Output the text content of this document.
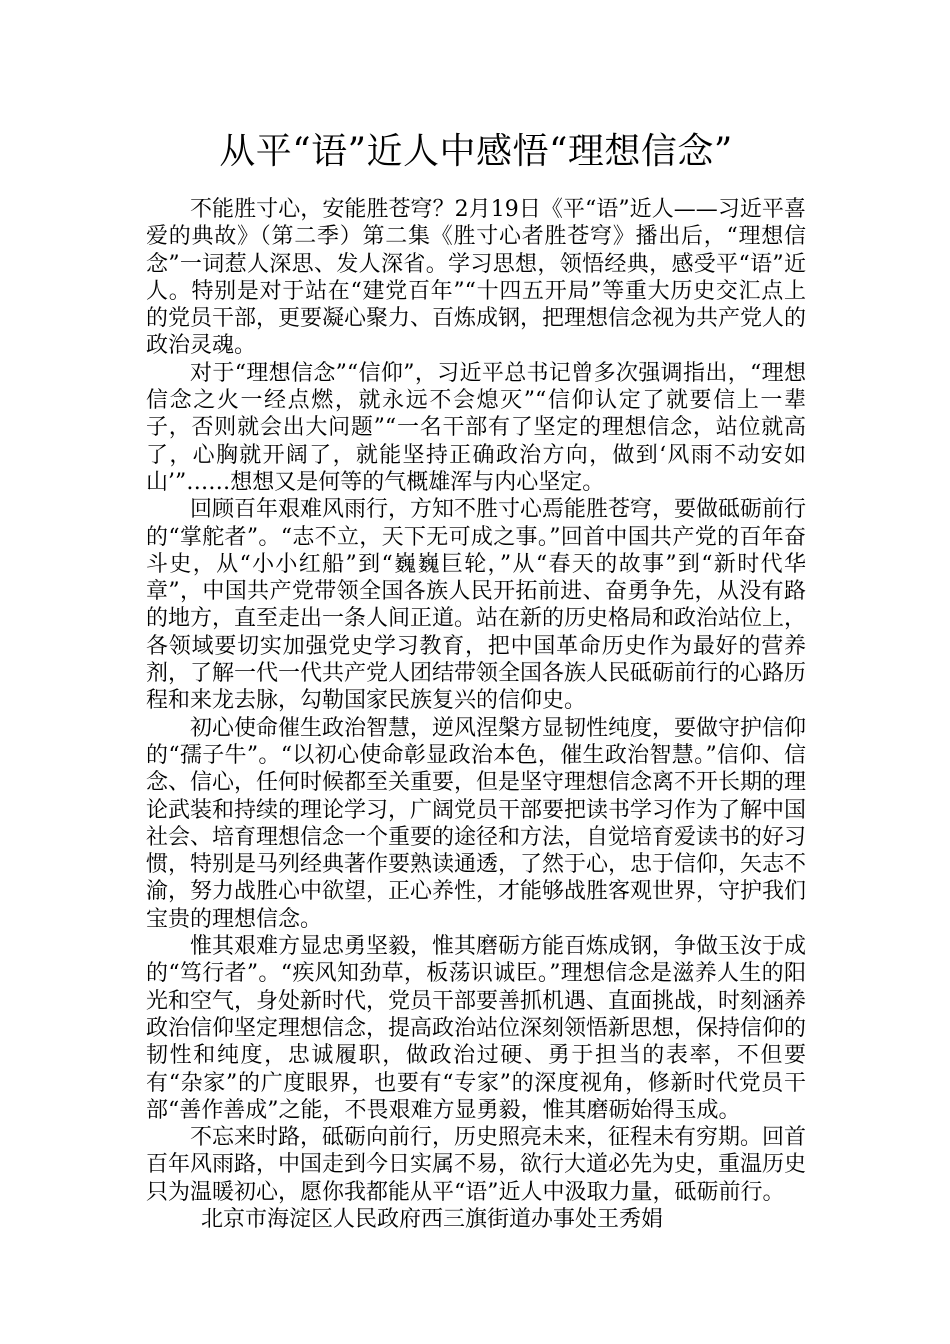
从平“语”近人中感悟“理想信念”

不能胜寸心，安能胜苍穹？2月19日《平“语”近人——习近平喜爱的典故》（第二季）第二集《胜寸心者胜苍穹》播出后，“理想信念”一词惹人深思、发人深省。学习思想，领悟经典，感受平“语”近人。特别是对于站在“建党百年”“十四五开局”等重大历史交汇点上的党员干部，更要凝心聚力、百炼成钢，把理想信念视为共产党人的政治灵魂。

对于“理想信念”“信仰”，习近平总书记曾多次强调指出，“理想信念之火一经点燃，就永远不会熄灭”“信仰认定了就要信上一辈子，否则就会出大问题”“一名干部有了坚定的理想信念，站位就高了，心胸就开阔了，就能坚持正确政治方向，做到‘风雨不动安如山’”……想想又是何等的气概雄浑与内心坚定。

回顾百年艰难风雨行，方知不胜寸心焉能胜苍穹，要做砥砺前行的“掌舵者”。“志不立，天下无可成之事。”回首中国共产党的百年奋斗史，从“小小红船”到“巍巍巨轮，”从“春天的故事”到“新时代华章”，中国共产党带领全国各族人民开拓前进、奋勇争先，从没有路的地方，直至走出一条人间正道。站在新的历史格局和政治站位上，各领域要切实加强党史学习教育，把中国革命历史作为最好的营养剂，了解一代一代共产党人团结带领全国各族人民砥砺前行的心路历程和来龙去脉，勾勒国家民族复兴的信仰史。

初心使命催生政治智慧，逆风涅槃方显韧性纯度，要做守护信仰的“孺子牛”。“以初心使命彰显政治本色，催生政治智慧。”信仰、信念、信心，任何时候都至关重要，但是坚守理想信念离不开长期的理论武装和持续的理论学习，广阔党员干部要把读书学习作为了解中国社会、培育理想信念一个重要的途径和方法，自觉培育爱读书的好习惯，特别是马列经典著作要熟读通透，了然于心，忠于信仰，矢志不渝，努力战胜心中欲望，正心养性，才能够战胜客观世界，守护我们宝贵的理想信念。

惟其艰难方显忠勇坚毅，惟其磨砺方能百炼成钢，争做玉汝于成的“笃行者”。“疾风知劲草，板荡识诚臣。”理想信念是滋养人生的阳光和空气，身处新时代，党员干部要善抓机遇、直面挑战，时刻涵养政治信仰坚定理想信念，提高政治站位深刻领悟新思想，保持信仰的韧性和纯度，忠诚履职，做政治过硬、勇于担当的表率，不但要有“杂家”的广度眼界，也要有“专家”的深度视角，修新时代党员干部“善作善成”之能，不畏艰难方显勇毅，惟其磨砺始得玉成。

不忘来时路，砥砺向前行，历史照亮未来，征程未有穷期。回首百年风雨路，中国走到今日实属不易，欲行大道必先为史，重温历史只为温暖初心，愿你我都能从平“语”近人中汲取力量，砥砺前行。

北京市海淀区人民政府西三旗街道办事处王秀娟
